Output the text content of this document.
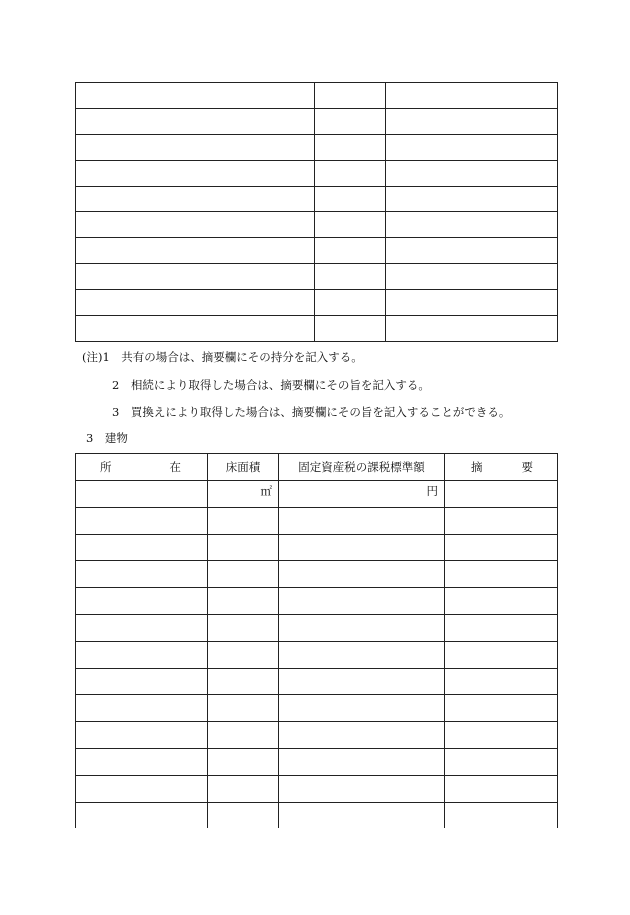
(注)1　共有の場合は、摘要欄にその持分を記入する。
2　相続により取得した場合は、摘要欄にその旨を記入する。
3　買換えにより取得した場合は、摘要欄にその旨を記入することができる。
3　建物
所 在	床面積	固定資産税の課税標準額	摘 要

	㎡	円	
